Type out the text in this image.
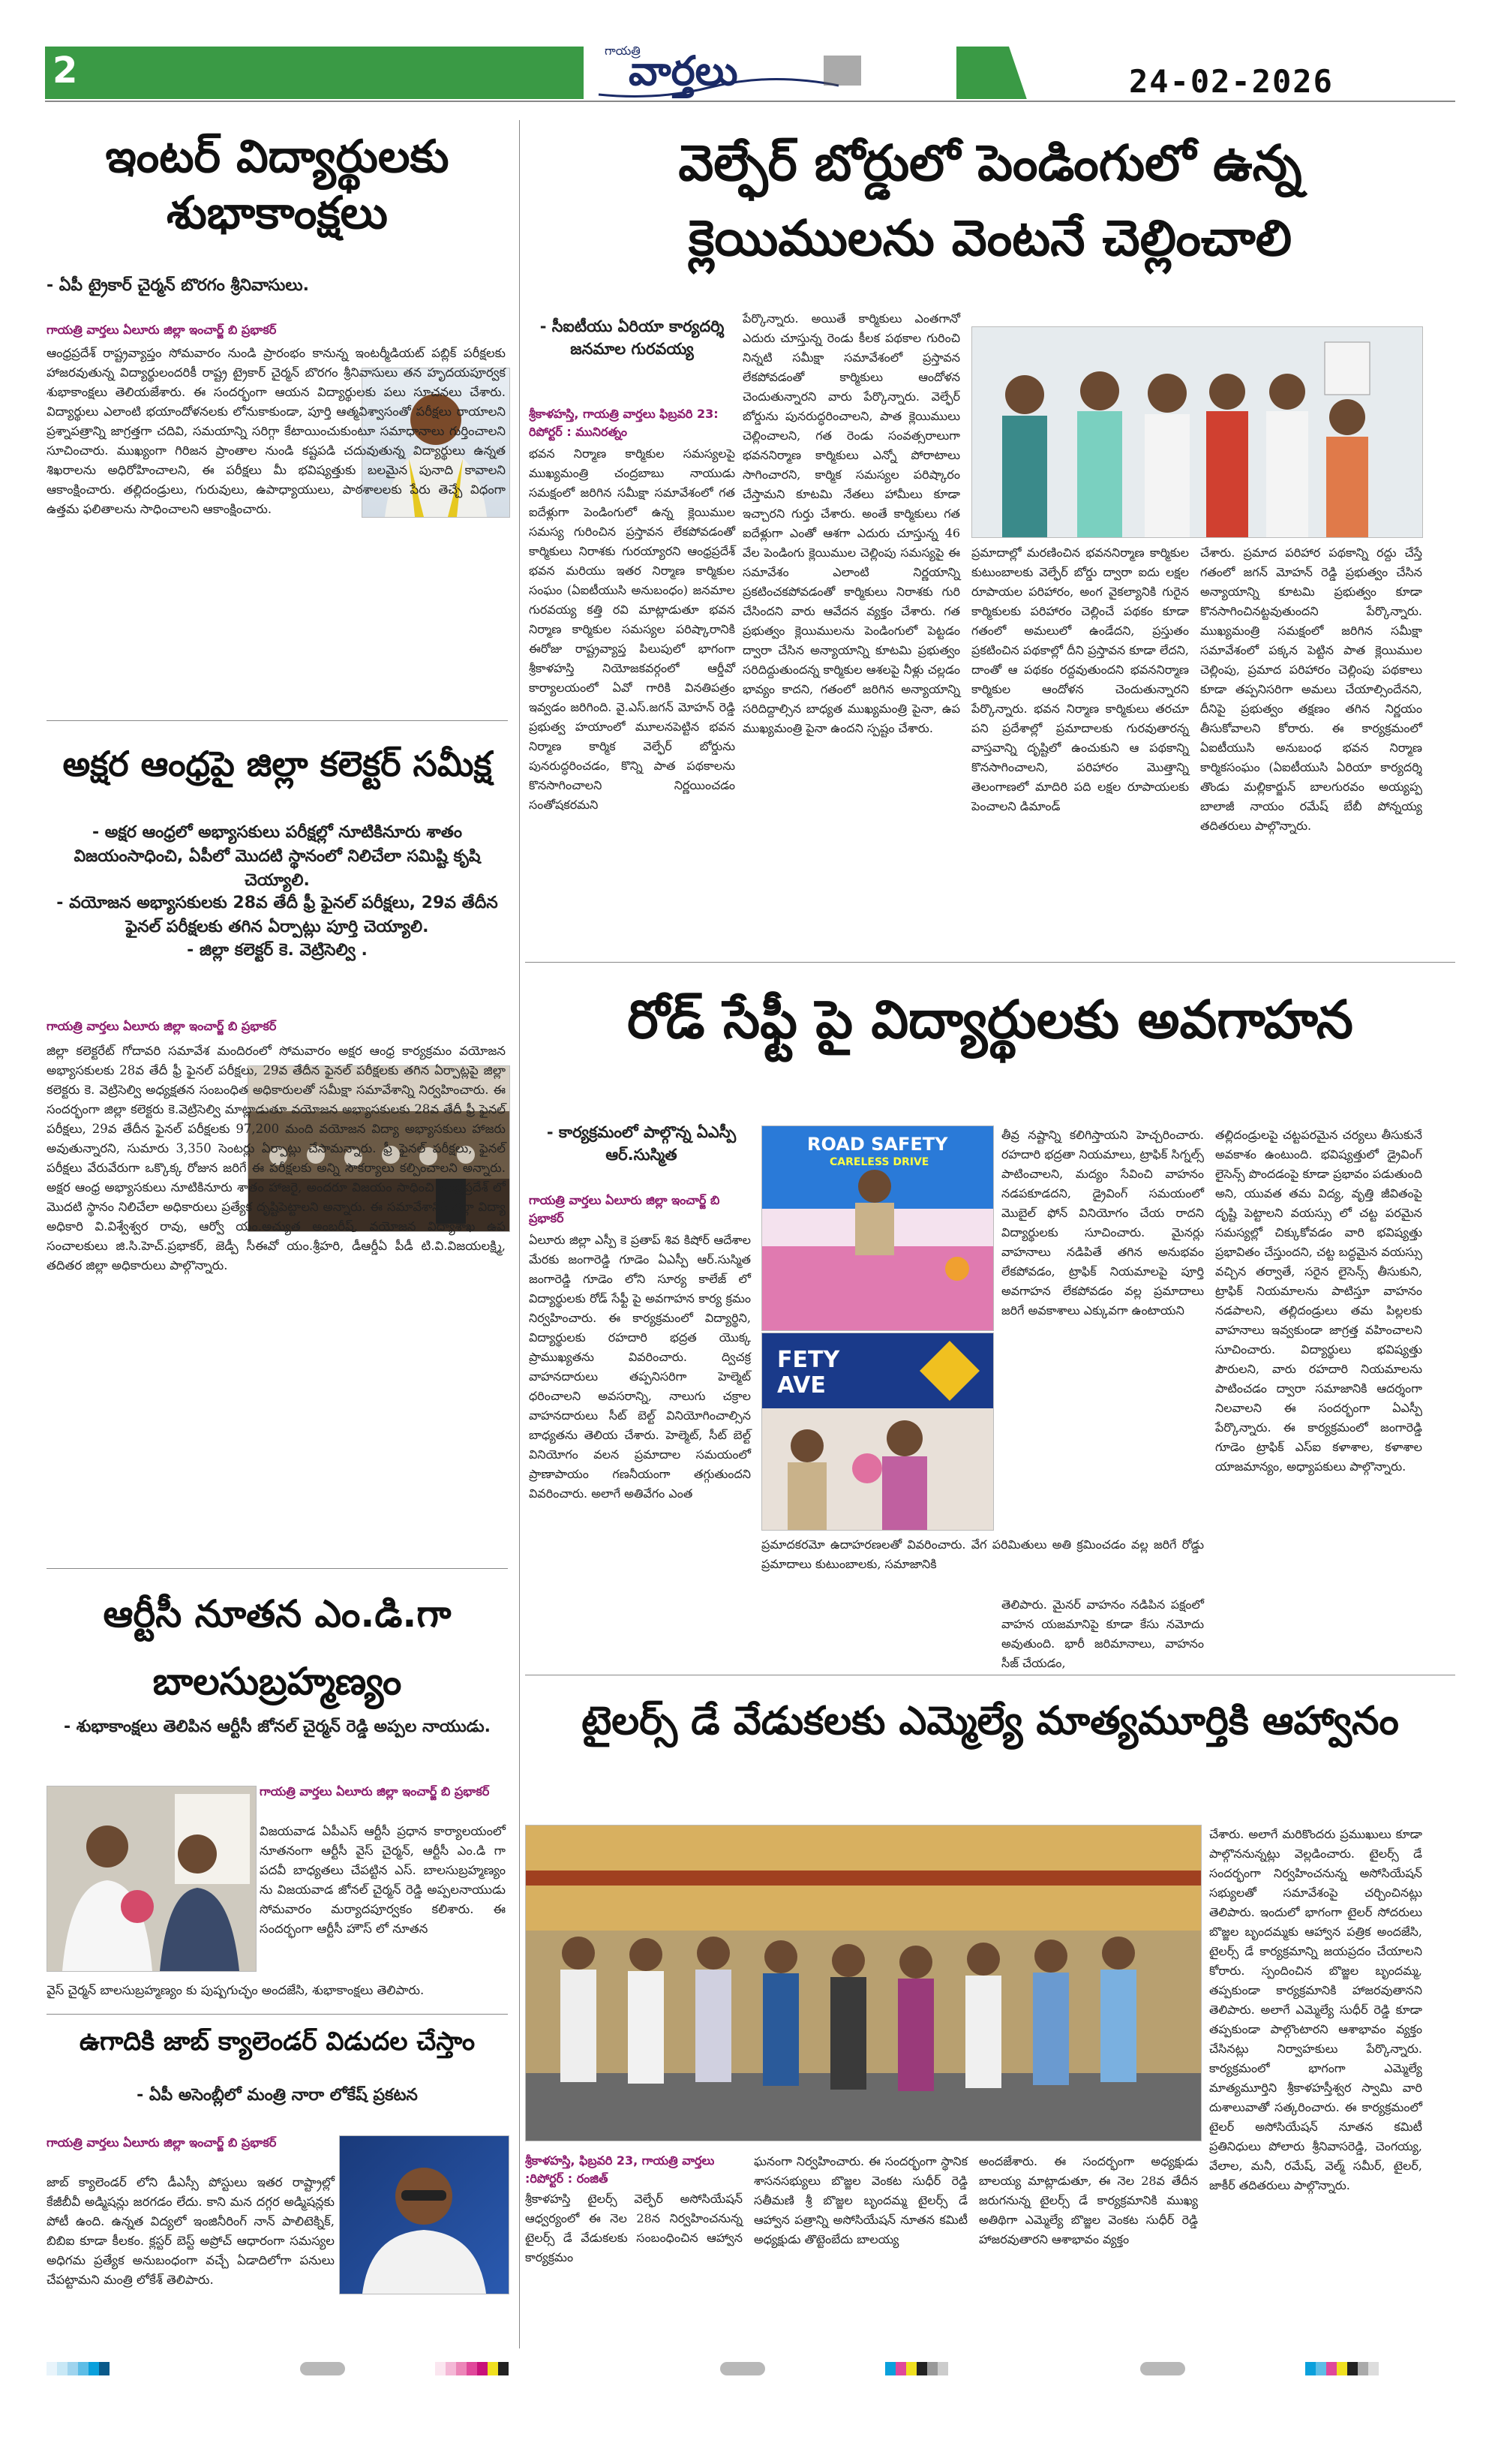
2	గాయత్రి
వార్తలు	24-02-2026
ఇంటర్ విద్యార్థులకు
శుభాకాంక్షలు
- ఏపీ ట్రైకార్ చైర్మన్ బొరగం శ్రీనివాసులు.
గాయత్రి వార్తలు ఏలూరు జిల్లా ఇంచార్జ్ బి ప్రభాకర్
ఆంధ్రప్రదేశ్ రాష్ట్రవ్యాప్తం సోమవారం నుండి ప్రారంభం కానున్న ఇంటర్మీడియట్ పబ్లిక్ పరీక్షలకు హాజరవుతున్న విద్యార్థులందరికీ రాష్ట్ర ట్రైకార్ చైర్మన్ బొరగం శ్రీనివాసులు తన హృదయపూర్వక శుభాకాంక్షలు తెలియజేశారు. ఈ సందర్భంగా ఆయన విద్యార్థులకు పలు సూచనలు చేశారు. విద్యార్థులు ఎలాంటి భయాందోళనలకు లోనుకాకుండా, పూర్తి ఆత్మవిశ్వాసంతో పరీక్షలు రాయాలని ప్రశ్నాపత్రాన్ని జాగ్రత్తగా చదివి, సమయాన్ని సరిగ్గా కేటాయించుకుంటూ సమాధానాలు గుర్తించాలని సూచించారు. ముఖ్యంగా గిరిజన ప్రాంతాల నుండి కష్టపడి చదువుతున్న విద్యార్థులు ఉన్నత శిఖరాలను అధిరోహించాలని, ఈ పరీక్షలు మీ భవిష్యత్తుకు బలమైన పునాది కావాలని ఆకాంక్షించారు. తల్లిదండ్రులు, గురువులు, ఉపాధ్యాయులు, పాఠశాలలకు పేరు తెచ్చే విధంగా ఉత్తమ ఫలితాలను సాధించాలని ఆకాంక్షించారు.
అక్షర ఆంధ్రపై జిల్లా కలెక్టర్ సమీక్ష
- అక్షర ఆంధ్రలో అభ్యాసకులు పరీక్షల్లో నూటికినూరు శాతం విజయంసాధించి, ఏపీలో మొదటి స్థానంలో నిలిచేలా సమిష్టి కృషి చెయ్యాలి.
- వయోజన అభ్యాసకులకు 28వ తేదీ ఫ్రీ ఫైనల్ పరీక్షలు, 29వ తేదీన ఫైనల్ పరీక్షలకు తగిన ఏర్పాట్లు పూర్తి చెయ్యాలి.
- జిల్లా కలెక్టర్ కె. వెట్రిసెల్వి .
గాయత్రి వార్తలు ఏలూరు జిల్లా ఇంచార్జ్ బి ప్రభాకర్
జిల్లా కలెక్టరేట్ గోదావరి సమావేశ మందిరంలో సోమవారం అక్షర ఆంధ్ర కార్యక్రమం వయోజన అభ్యాసకులకు 28వ తేదీ ఫ్రీ ఫైనల్ పరీక్షలు, 29వ తేదీన ఫైనల్ పరీక్షలకు తగిన ఏర్పాట్లపై జిల్లా కలెక్టరు కె. వెట్రిసెల్వి అధ్యక్షతన సంబంధిత అధికారులతో సమీక్షా సమావేశాన్ని నిర్వహించారు. ఈ సందర్భంగా జిల్లా కలెక్టరు కె.వెట్రిసెల్వి మాట్లాడుతూ వయోజన అభ్యాసకులకు 28వ తేదీ ఫ్రీ ఫైనల్ పరీక్షలు, 29వ తేదీన ఫైనల్ పరీక్షలకు 97,200 మంది వయోజన విద్యా అభ్యాసకులు హాజరు అవుతున్నారని, సుమారు 3,350 సెంటర్లు ఏర్పాట్లు చేసామన్నారు. ఫ్రీ ఫైనల్ పరీక్షలు, ఫైనల్ పరీక్షలు వేరువేరుగా ఒక్కొక్క రోజున జరిగే ఈ పరీక్షలకు అన్ని సౌకర్యాలు కల్పించాలని అన్నారు. అక్షర ఆంధ్ర అభ్యాసకులు నూటికినూరు శాతం హాజరై, అందరూ విజయం సాధించి ఆంధ్రప్రదేశ్ లో మొదటి స్థానం నిలిచేలా అధికారులు ప్రత్యేక దృష్టిపెట్టాలని అన్నారు. ఈ సమావేశానికి జిల్లా విద్యా అధికారి వి.విశ్వేశ్వర రావు, ఆర్వో యం.అచ్యుత అంబరీష్, వయోజన విద్యాశాఖ ఉప సంచాలకులు జి.సి.హెచ్.ప్రభాకర్, జెడ్పీ సీఈవో యం.శ్రీహరి, డీఆర్డీఏ పీడీ టి.వి.విజయలక్ష్మి, తదితర జిల్లా అధికారులు పాల్గొన్నారు.
ఆర్టీసీ నూతన ఎం.డి.గా
బాలసుబ్రహ్మణ్యం
- శుభాకాంక్షలు తెలిపిన ఆర్టీసీ జోనల్ చైర్మన్ రెడ్డి అప్పల నాయుడు.
గాయత్రి వార్తలు ఏలూరు జిల్లా ఇంచార్జ్ బి ప్రభాకర్
విజయవాడ ఏపీఎస్ ఆర్టీసీ ప్రధాన కార్యాలయంలో నూతనంగా ఆర్టీసీ వైస్ చైర్మన్, ఆర్టీసీ ఎం.డి గా పదవీ బాధ్యతలు చేపట్టిన ఎస్. బాలసుబ్రహ్మణ్యం ను విజయవాడ జోనల్ చైర్మన్ రెడ్డి అప్పలనాయుడు సోమవారం మర్యాదపూర్వకం కలిశారు. ఈ సందర్భంగా ఆర్టీసీ హౌస్ లో నూతన
వైస్ చైర్మన్ బాలసుబ్రహ్మణ్యం కు పుష్పగుచ్ఛం అందజేసి, శుభాకాంక్షలు తెలిపారు.
ఉగాదికి జాబ్ క్యాలెండర్ విడుదల చేస్తాం
- ఏపీ అసెంబ్లీలో మంత్రి నారా లోకేష్ ప్రకటన
గాయత్రి వార్తలు ఏలూరు జిల్లా ఇంచార్జ్ బి ప్రభాకర్
జాబ్ క్యాలెండర్ లోని డీఎస్సీ పోస్టులు ఇతర రాష్ట్రాల్లో కేజీబీవీ అడ్మిషన్లు జరగడం లేదు. కాని మన దగ్గర అడ్మిషన్లకు పోటీ ఉంది. ఉన్నత విద్యలో ఇంజినీరింగ్ నాన్ పాలిటెక్నిక్, బిబిఐ కూడా కీలకం. క్లస్టర్ బెస్ట్ అప్రోచ్ ఆధారంగా సమస్యల అధిగమ ప్రత్యేక అనుబంధంగా వచ్చే ఏడాదిలోగా పనులు చేపట్టామని మంత్రి లోకేశ్ తెలిపారు.
వెల్ఫేర్ బోర్డులో పెండింగులో ఉన్న
క్లెయిములను వెంటనే చెల్లించాలి
- సీఐటీయు ఏరియా కార్యదర్శి జనమాల గురవయ్య
శ్రీకాళహస్తి, గాయత్రి వార్తలు ఫిబ్రవరి 23: రిపోర్టర్ : మునిరత్నం
భవన నిర్మాణ కార్మికుల సమస్యలపై ముఖ్యమంత్రి చంద్రబాబు నాయుడు సమక్షంలో జరిగిన సమీక్షా సమావేశంలో గత ఐదేళ్లుగా పెండింగులో ఉన్న క్లెయిముల సమస్య గురించిన ప్రస్తావన లేకపోవడంతో కార్మికులు నిరాశకు గురయ్యారని ఆంధ్రప్రదేశ్ భవన మరియు ఇతర నిర్మాణ కార్మికుల సంఘం (ఏఐటీయుసి అనుబంధం) జనమాల గురవయ్య కత్తి రవి మాట్లాడుతూ భవన నిర్మాణ కార్మికుల సమస్యల పరిష్కారానికి ఈరోజు రాష్ట్రవ్యాప్త పిలుపులో భాగంగా శ్రీకాళహస్తి నియోజకవర్గంలో ఆర్డీవో కార్యాలయంలో ఏవో గారికి వినతిపత్రం ఇవ్వడం జరిగింది. వై.ఎస్.జగన్ మోహన్ రెడ్డి ప్రభుత్వ హయాంలో మూలనపెట్టిన భవన నిర్మాణ కార్మిక వెల్ఫేర్ బోర్డును పునరుద్ధరించడం, కొన్ని పాత పథకాలను కొనసాగించాలని నిర్ణయించడం సంతోషకరమని
పేర్కొన్నారు. అయితే కార్మికులు ఎంతగానో ఎదురు చూస్తున్న రెండు కీలక పథకాల గురించి నిన్నటి సమీక్షా సమావేశంలో ప్రస్తావన లేకపోవడంతో కార్మికులు ఆందోళన చెందుతున్నారని వారు పేర్కొన్నారు. వెల్ఫేర్ బోర్డును పునరుద్ధరించాలని, పాత క్లెయిములు చెల్లించాలని, గత రెండు సంవత్సరాలుగా భవననిర్మాణ కార్మికులు ఎన్నో పోరాటాలు సాగించారని, కార్మిక సమస్యల పరిష్కారం చేస్తామని కూటమి నేతలు హామీలు కూడా ఇచ్చారని గుర్తు చేశారు. అంతే కార్మికులు గత ఐదేళ్లుగా ఎంతో ఆశగా ఎదురు చూస్తున్న 46 వేల పెండింగు క్లెయిముల చెల్లింపు సమస్యపై ఈ సమావేశం ఎలాంటి నిర్ణయాన్ని ప్రకటించకపోవడంతో కార్మికులు నిరాశకు గురి చేసిందని వారు ఆవేదన వ్యక్తం చేశారు. గత ప్రభుత్వం క్లెయిములను పెండింగులో పెట్టడం ద్వారా చేసిన అన్యాయాన్ని కూటమి ప్రభుత్వం సరిదిద్దుతుందన్న కార్మికుల ఆశలపై నీళ్లు చల్లడం భావ్యం కాదని, గతంలో జరిగిన అన్యాయాన్ని సరిదిద్దాల్సిన బాధ్యత ముఖ్యమంత్రి పైనా, ఉప ముఖ్యమంత్రి పైనా ఉందని స్పష్టం చేశారు.
ప్రమాదాల్లో మరణించిన భవననిర్మాణ కార్మికుల కుటుంబాలకు వెల్ఫేర్ బోర్డు ద్వారా ఐదు లక్షల రూపాయల పరిహారం, అంగ వైకల్యానికి గురైన కార్మికులకు పరిహారం చెల్లించే పథకం కూడా గతంలో అమలులో ఉండేదని, ప్రస్తుతం ప్రకటించిన పథకాల్లో దీని ప్రస్తావన కూడా లేదని, దాంతో ఆ పథకం రద్దవుతుందని భవననిర్మాణ కార్మికుల ఆందోళన చెందుతున్నారని పేర్కొన్నారు. భవన నిర్మాణ కార్మికులు తరచూ పని ప్రదేశాల్లో ప్రమాదాలకు గురవుతారన్న వాస్తవాన్ని దృష్టిలో ఉంచుకుని ఆ పథకాన్ని కొనసాగించాలని, పరిహారం మొత్తాన్ని తెలంగాణలో మాదిరి పది లక్షల రూపాయలకు పెంచాలని డిమాండ్
చేశారు. ప్రమాద పరిహార పథకాన్ని రద్దు చేస్తే గతంలో జగన్ మోహన్ రెడ్డి ప్రభుత్వం చేసిన అన్యాయాన్ని కూటమి ప్రభుత్వం కూడా కొనసాగించినట్టవుతుందని పేర్కొన్నారు. ముఖ్యమంత్రి సమక్షంలో జరిగిన సమీక్షా సమావేశంలో పక్కన పెట్టిన పాత క్లెయిముల చెల్లింపు, ప్రమాద పరిహారం చెల్లింపు పథకాలు కూడా తప్పనిసరిగా అమలు చేయాల్సిందేనని, దీనిపై ప్రభుత్వం తక్షణం తగిన నిర్ణయం తీసుకోవాలని కోరారు. ఈ కార్యక్రమంలో ఏఐటీయుసి అనుబంధ భవన నిర్మాణ కార్మికసంఘం (ఏఐటీయుసి ఏరియా కార్యదర్శి తొండు మల్లికార్జున్ బాలగురవం అయ్యప్ప బాలాజీ నాయం రమేష్ బేబీ పోన్నయ్య తదితరులు పాల్గొన్నారు.
రోడ్ సేఫ్టీ పై విద్యార్థులకు అవగాహన
- కార్యక్రమంలో పాల్గొన్న ఏఎస్పీ ఆర్.సుస్మిత
గాయత్రి వార్తలు ఏలూరు జిల్లా ఇంచార్జ్ బి ప్రభాకర్
ఏలూరు జిల్లా ఎస్పీ కె ప్రతాప్ శివ కిషోర్ ఆదేశాల మేరకు జంగారెడ్డి గూడెం ఏఎస్పీ ఆర్.సుస్మిత జంగారెడ్డి గూడెం లోని సూర్య కాలేజ్ లో విద్యార్థులకు రోడ్ సేఫ్టీ పై అవగాహన కార్య క్రమం నిర్వహించారు. ఈ కార్యక్రమంలో విద్యార్థిని, విద్యార్థులకు రహదారి భద్రత యొక్క ప్రాముఖ్యతను వివరించారు. ద్విచక్ర వాహనదారులు తప్పనిసరిగా హెల్మెట్ ధరించాలని అవసరాన్ని, నాలుగు చక్రాల వాహనదారులు సీట్ బెల్ట్ వినియోగించాల్సిన బాధ్యతను తెలియ చేశారు. హెల్మెట్, సీట్ బెల్ట్ వినియోగం వలన ప్రమాదాల సమయంలో ప్రాణాపాయం గణనీయంగా తగ్గుతుందని వివరించారు. అలాగే అతివేగం ఎంత
ROAD SAFETY
CARELESS DRIVE
FETY
AVE
తీవ్ర నష్టాన్ని కలిగిస్తాయని హెచ్చరించారు. రహదారి భద్రతా నియమాలు, ట్రాఫిక్ సిగ్నల్స్ పాటించాలని, మద్యం సేవించి వాహనం నడపకూడదని, డ్రైవింగ్ సమయంలో మొబైల్ ఫోన్ వినియోగం చేయ రాదని విద్యార్థులకు సూచించారు. మైనర్లు వాహనాలు నడిపితే తగిన అనుభవం లేకపోవడం, ట్రాఫిక్ నియమాలపై పూర్తి అవగాహన లేకపోవడం వల్ల ప్రమాదాలు జరిగే అవకాశాలు ఎక్కువగా ఉంటాయని
ప్రమాదకరమో ఉదాహరణలతో వివరించారు. వేగ పరిమితులు అతి క్రమించడం వల్ల జరిగే రోడ్డు ప్రమాదాలు కుటుంబాలకు, సమాజానికి
తెలిపారు. మైనర్ వాహనం నడిపిన పక్షంలో వాహన యజమానిపై కూడా కేసు నమోదు అవుతుంది. భారీ జరిమానాలు, వాహనం సీజ్ చేయడం,
తల్లిదండ్రులపై చట్టపరమైన చర్యలు తీసుకునే అవకాశం ఉంటుంది. భవిష్యత్తులో డ్రైవింగ్ లైసెన్స్ పొందడంపై కూడా ప్రభావం పడుతుంది అని, యువత తమ విద్య, వృత్తి జీవితంపై దృష్టి పెట్టాలని వయస్సు లో చట్ట పరమైన సమస్యల్లో చిక్కుకోవడం వారి భవిష్యత్తు ప్రభావితం చేస్తుందని, చట్ట బద్ధమైన వయస్సు వచ్చిన తర్వాతే, సరైన లైసెన్స్ తీసుకుని, ట్రాఫిక్ నియమాలను పాటిస్తూ వాహనం నడపాలని, తల్లిదండ్రులు తమ పిల్లలకు వాహనాలు ఇవ్వకుండా జాగ్రత్త వహించాలని సూచించారు. విద్యార్థులు భవిష్యత్తు పౌరులని, వారు రహదారి నియమాలను పాటించడం ద్వారా సమాజానికి ఆదర్శంగా నిలవాలని ఈ సందర్భంగా ఏఎస్పీ పేర్కొన్నారు. ఈ కార్యక్రమంలో జంగారెడ్డి గూడెం ట్రాఫిక్ ఎస్ఐ కళాశాల, కళాశాల యాజమాన్యం, అధ్యాపకులు పాల్గొన్నారు.
టైలర్స్ డే వేడుకలకు ఎమ్మెల్యే మాత్యమూర్తికి ఆహ్వానం
చేశారు. అలాగే మరికొందరు ప్రముఖులు కూడా పాల్గొననున్నట్లు వెల్లడించారు. టైలర్స్ డే సందర్భంగా నిర్వహించనున్న అసోసియేషన్ సభ్యులతో సమావేశంపై చర్చించినట్లు తెలిపారు. ఇందులో భాగంగా టైలర్ సోదరులు బొజ్జల బృందమ్మకు ఆహ్వాన పత్రిక అందజేసి, టైలర్స్ డే కార్యక్రమాన్ని జయప్రదం చేయాలని కోరారు. స్పందించిన బొజ్జల బృందమ్మ, తప్పకుండా కార్యక్రమానికి హాజరవుతానని తెలిపారు. అలాగే ఎమ్మెల్యే సుధీర్ రెడ్డి కూడా తప్పకుండా పాల్గొంటారని ఆశాభావం వ్యక్తం చేసినట్లు నిర్వాహకులు పేర్కొన్నారు. కార్యక్రమంలో భాగంగా ఎమ్మెల్యే మాత్యమూర్తిని శ్రీకాళహస్తీశ్వర స్వామి వారి దుశాలువాతో సత్కరించారు. ఈ కార్యక్రమంలో టైలర్ అసోసియేషన్ నూతన కమిటీ ప్రతినిధులు పోలారు శ్రీనివాసరెడ్డి, చెంగయ్య, వేలాల, మనీ, రమేష్, వెల్మ్ సమీర్, టైలర్, జాకీర్ తదితరులు పాల్గొన్నారు.
శ్రీకాళహస్తి, ఫిబ్రవరి 23, గాయత్రి వార్తలు :రిపోర్టర్ : రంజిత్
శ్రీకాళహస్తి టైలర్స్ వెల్ఫేర్ అసోసియేషన్ ఆధ్వర్యంలో ఈ నెల 28న నిర్వహించనున్న టైలర్స్ డే వేడుకలకు సంబంధించిన ఆహ్వాన కార్యక్రమం
ఘనంగా నిర్వహించారు. ఈ సందర్భంగా స్థానిక శాసనసభ్యులు బొజ్జల వెంకట సుధీర్ రెడ్డి సతీమణి శ్రీ బొజ్జల బృందమ్మ టైలర్స్ డే ఆహ్వాన పత్రాన్ని అసోసియేషన్ నూతన కమిటీ అధ్యక్షుడు తొట్టెంబేదు బాలయ్య
అందజేశారు. ఈ సందర్భంగా అధ్యక్షుడు బాలయ్య మాట్లాడుతూ, ఈ నెల 28వ తేదీన జరుగనున్న టైలర్స్ డే కార్యక్రమానికి ముఖ్య అతిథిగా ఎమ్మెల్యే బొజ్జల వెంకట సుధీర్ రెడ్డి హాజరవుతారని ఆశాభావం వ్యక్తం
